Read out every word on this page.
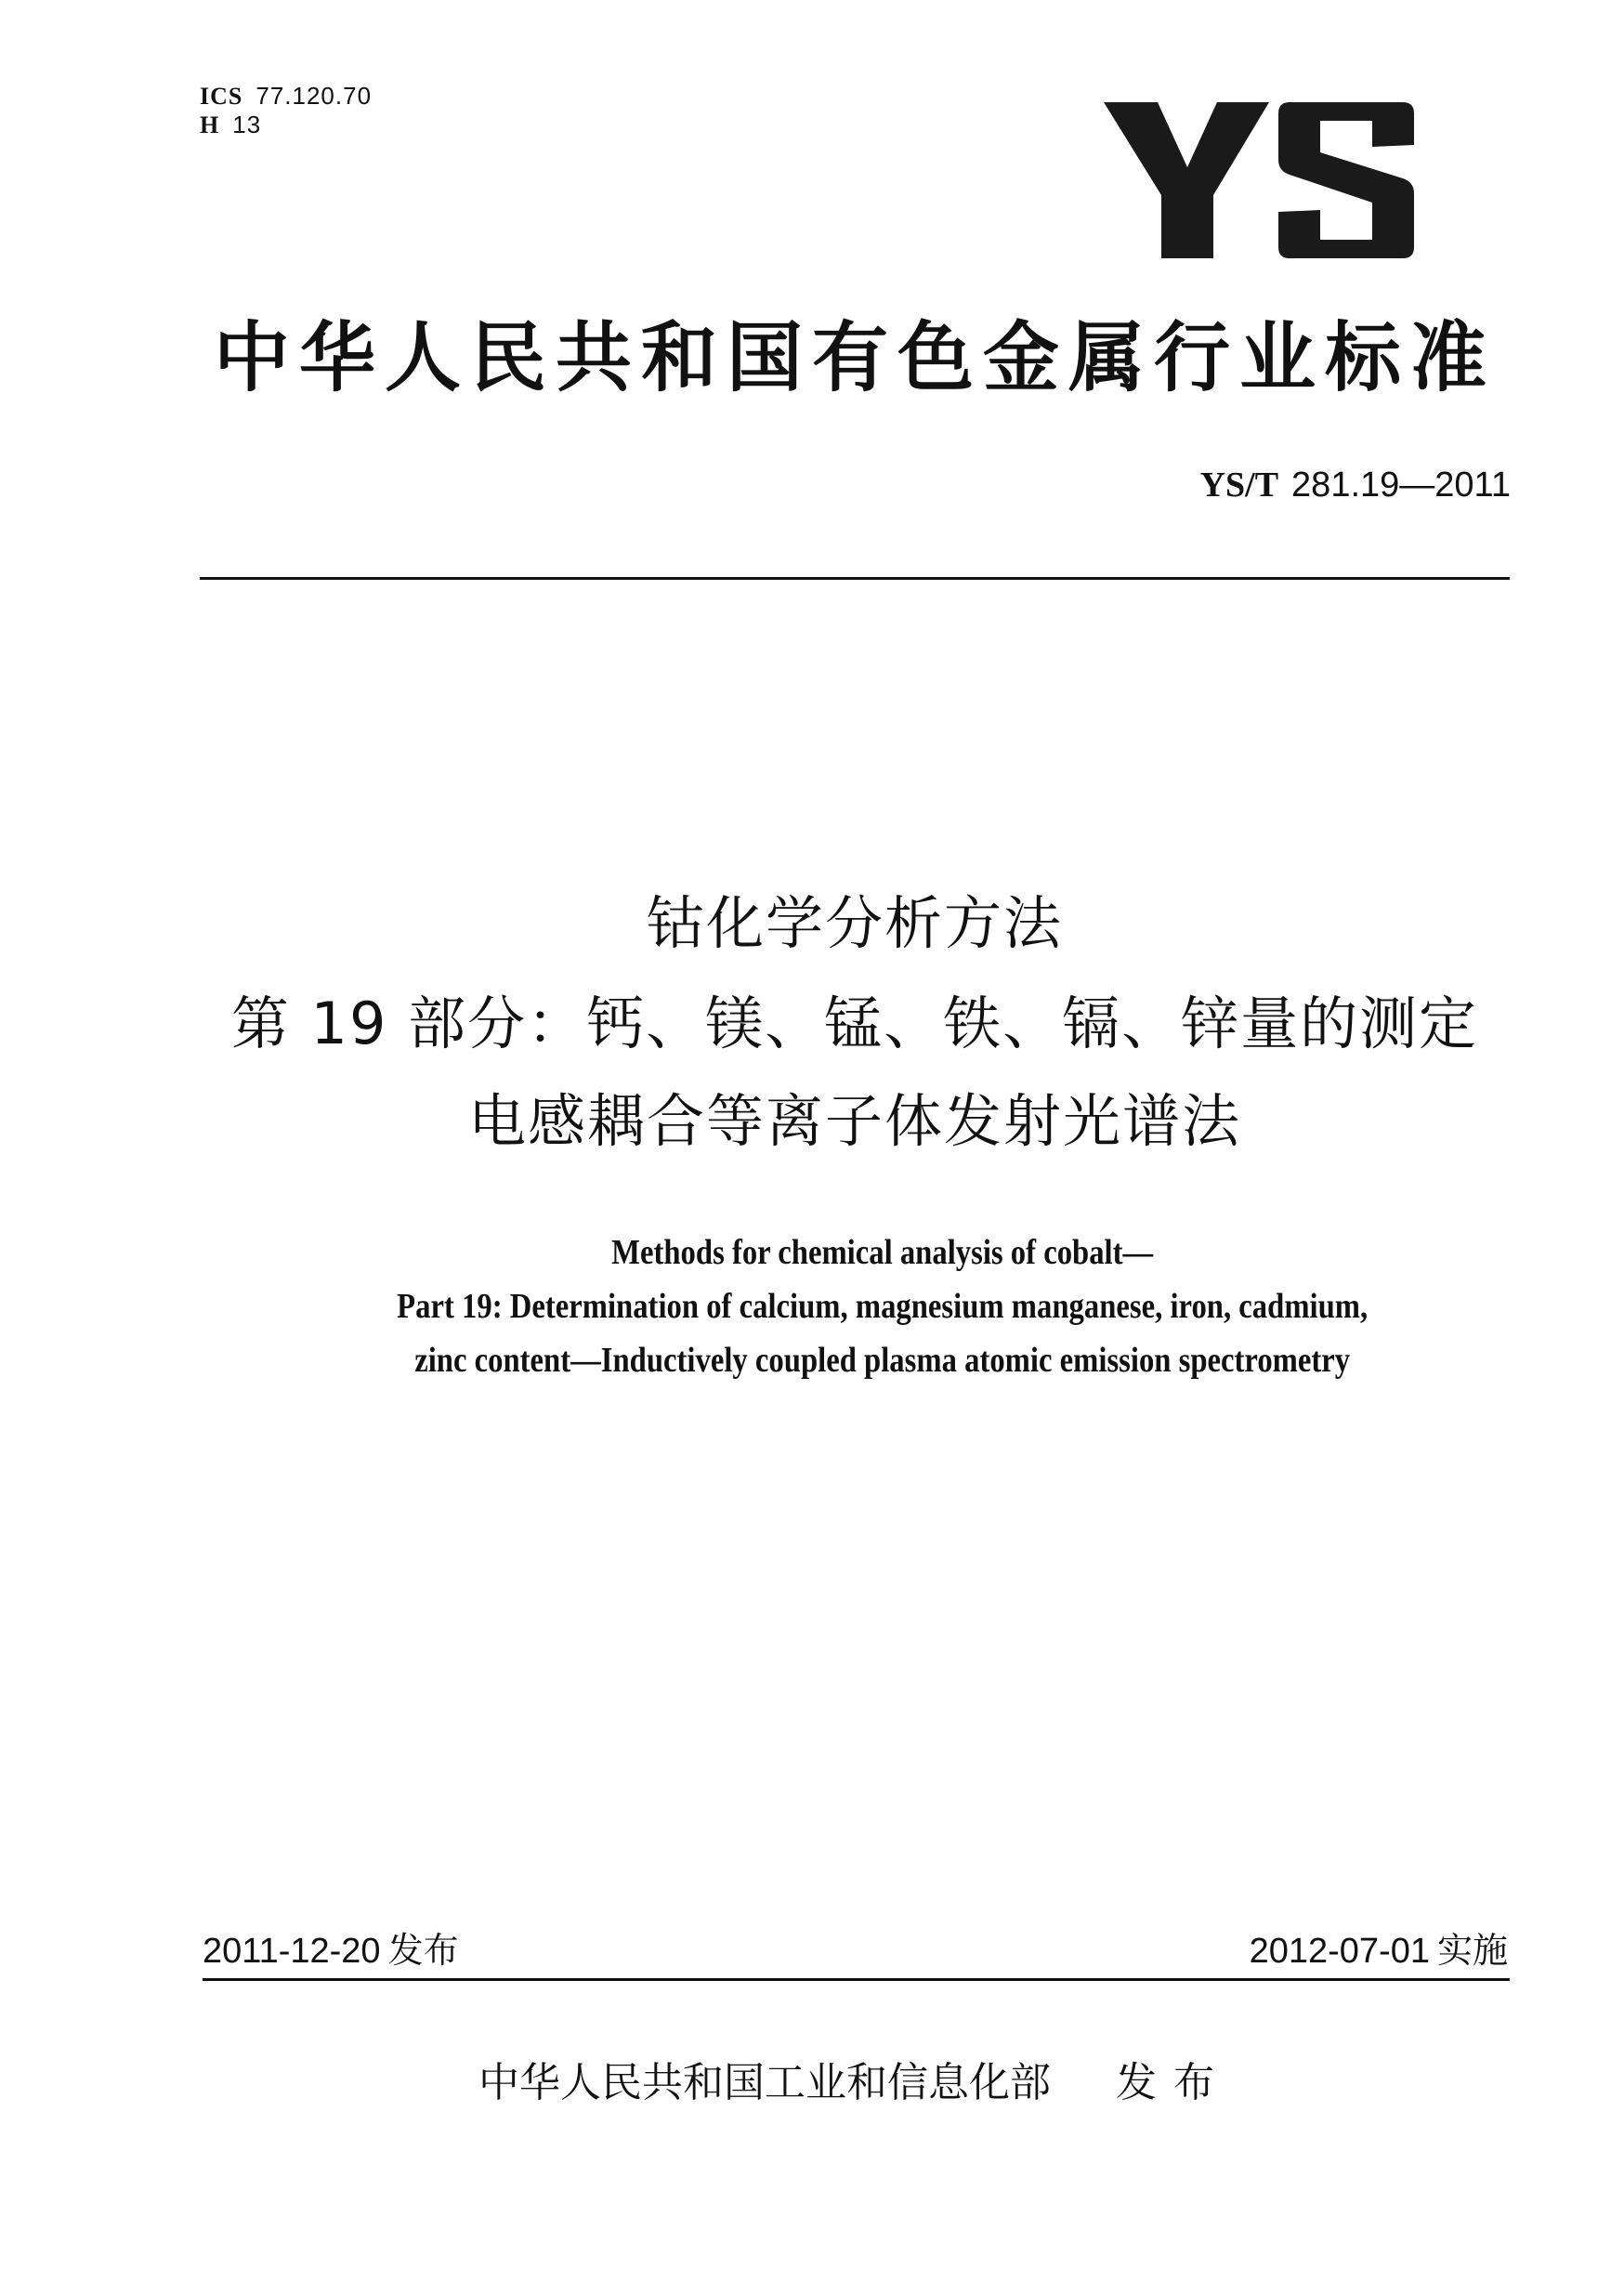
ICS 77.120.70
H 13
中华人民共和国有色金属行业标准
YS/T 281.19—2011
钴化学分析方法
第 19 部分：钙、镁、锰、铁、镉、锌量的测定
电感耦合等离子体发射光谱法
Methods for chemical analysis of cobalt—
Part 19: Determination of calcium, magnesium manganese, iron, cadmium,
zinc content—Inductively coupled plasma atomic emission spectrometry
2011-12-20 发布	2012-07-01 实施
中华人民共和国工业和信息化部 发布
